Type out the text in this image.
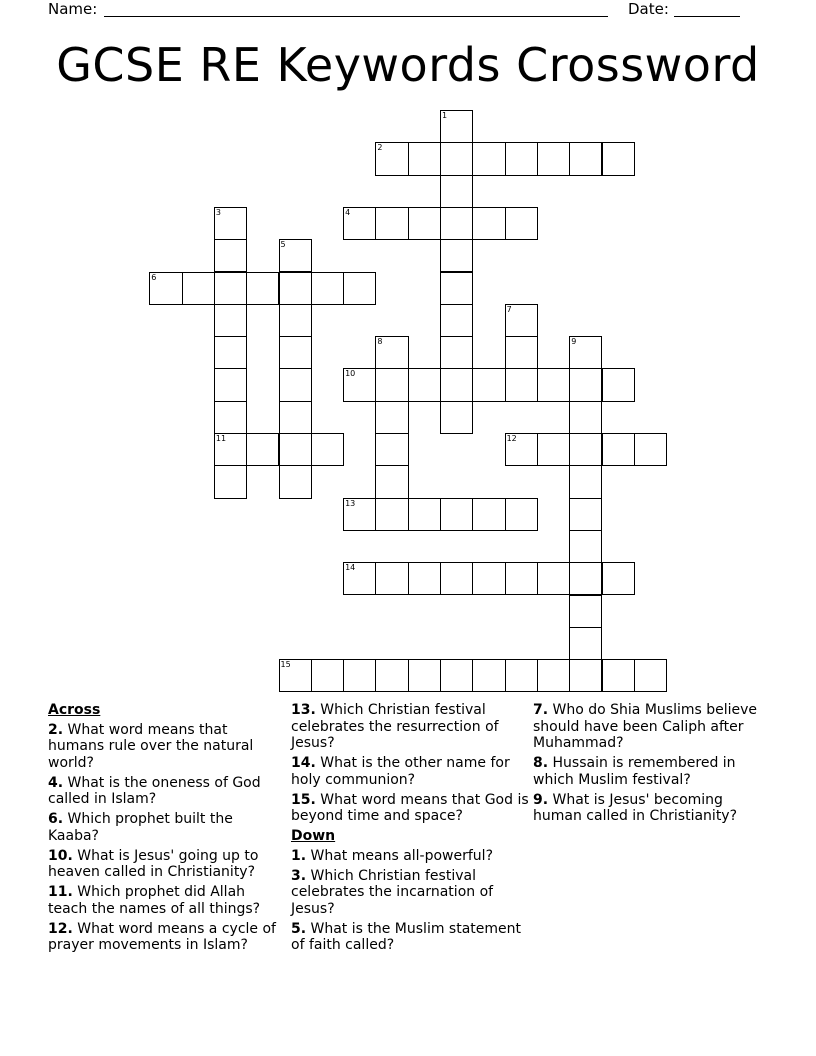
Name:	Date:
GCSE RE Keywords Crossword
2
4
6
10
11	12
13
14
15
1
3
5
7
8	9
Across
2. What word means that humans rule over the natural world?
4. What is the oneness of God called in Islam?
6. Which prophet built the Kaaba?
10. What is Jesus' going up to heaven called in Christianity?
11. Which prophet did Allah teach the names of all things?
12. What word means a cycle of prayer movements in Islam?
13. Which Christian festival celebrates the resurrection of Jesus?
14. What is the other name for holy communion?
15. What word means that God is beyond time and space?
Down
1. What means all-powerful?
3. Which Christian festival celebrates the incarnation of Jesus?
5. What is the Muslim statement of faith called?
7. Who do Shia Muslims believe should have been Caliph after Muhammad?
8. Hussain is remembered in which Muslim festival?
9. What is Jesus' becoming human called in Christianity?
